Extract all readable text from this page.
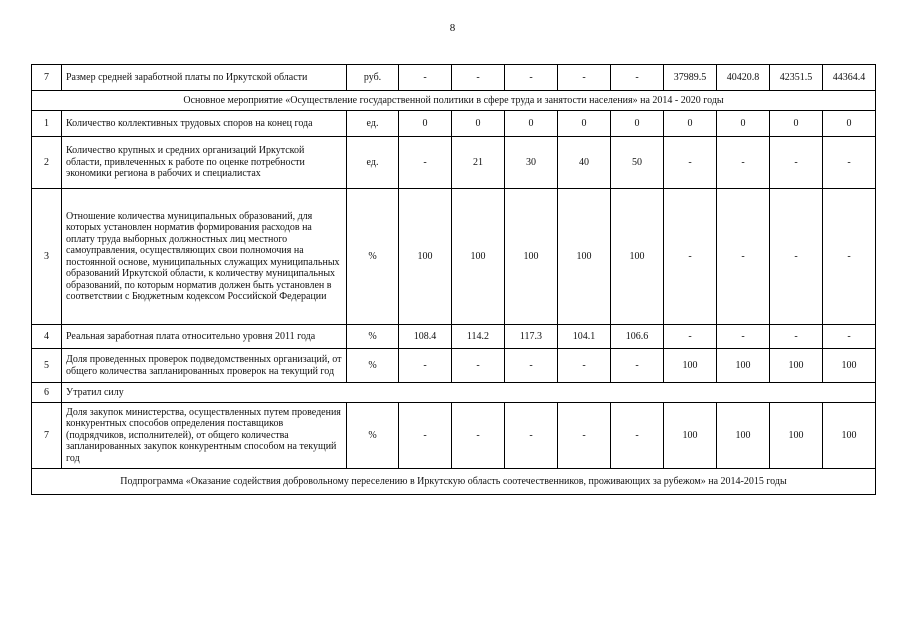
8
7	Размер средней заработной платы по Иркутской области	руб.	-	-	-	-	-	37989.5	40420.8	42351.5	44364.4
Основное мероприятие «Осуществление государственной политики в сфере труда и занятости населения» на 2014 - 2020 годы											
1	Количество коллективных трудовых споров на конец года	ед.	0	0	0	0	0	0	0	0	0
2	Количество крупных и средних организаций Иркутской области, привлеченных к работе по оценке потребности экономики региона в рабочих и специалистах	ед.	-	21	30	40	50	-	-	-	-
3	Отношение количества муниципальных образований, для которых установлен норматив формирования расходов на оплату труда выборных должностных лиц местного самоуправления, осуществляющих свои полномочия на постоянной основе, муниципальных служащих муниципальных образований Иркутской области, к количеству муниципальных образований, по которым норматив должен быть установлен в соответствии с Бюджетным кодексом Российской Федерации	%	100	100	100	100	100	-	-	-	-
4	Реальная заработная плата относительно уровня 2011 года	%	108.4	114.2	117.3	104.1	106.6	-	-	-	-
5	Доля проведенных проверок подведомственных организаций, от общего количества запланированных проверок на текущий год	%	-	-	-	-	-	100	100	100	100
6	Утратил силу										
7	Доля закупок министерства, осуществленных путем проведения конкурентных способов определения поставщиков (подрядчиков, исполнителей), от общего количества запланированных закупок конкурентным способом на текущий год	%	-	-	-	-	-	100	100	100	100
Подпрограмма «Оказание содействия добровольному переселению в Иркутскую область соотечественников, проживающих за рубежом» на 2014-2015 годы											
